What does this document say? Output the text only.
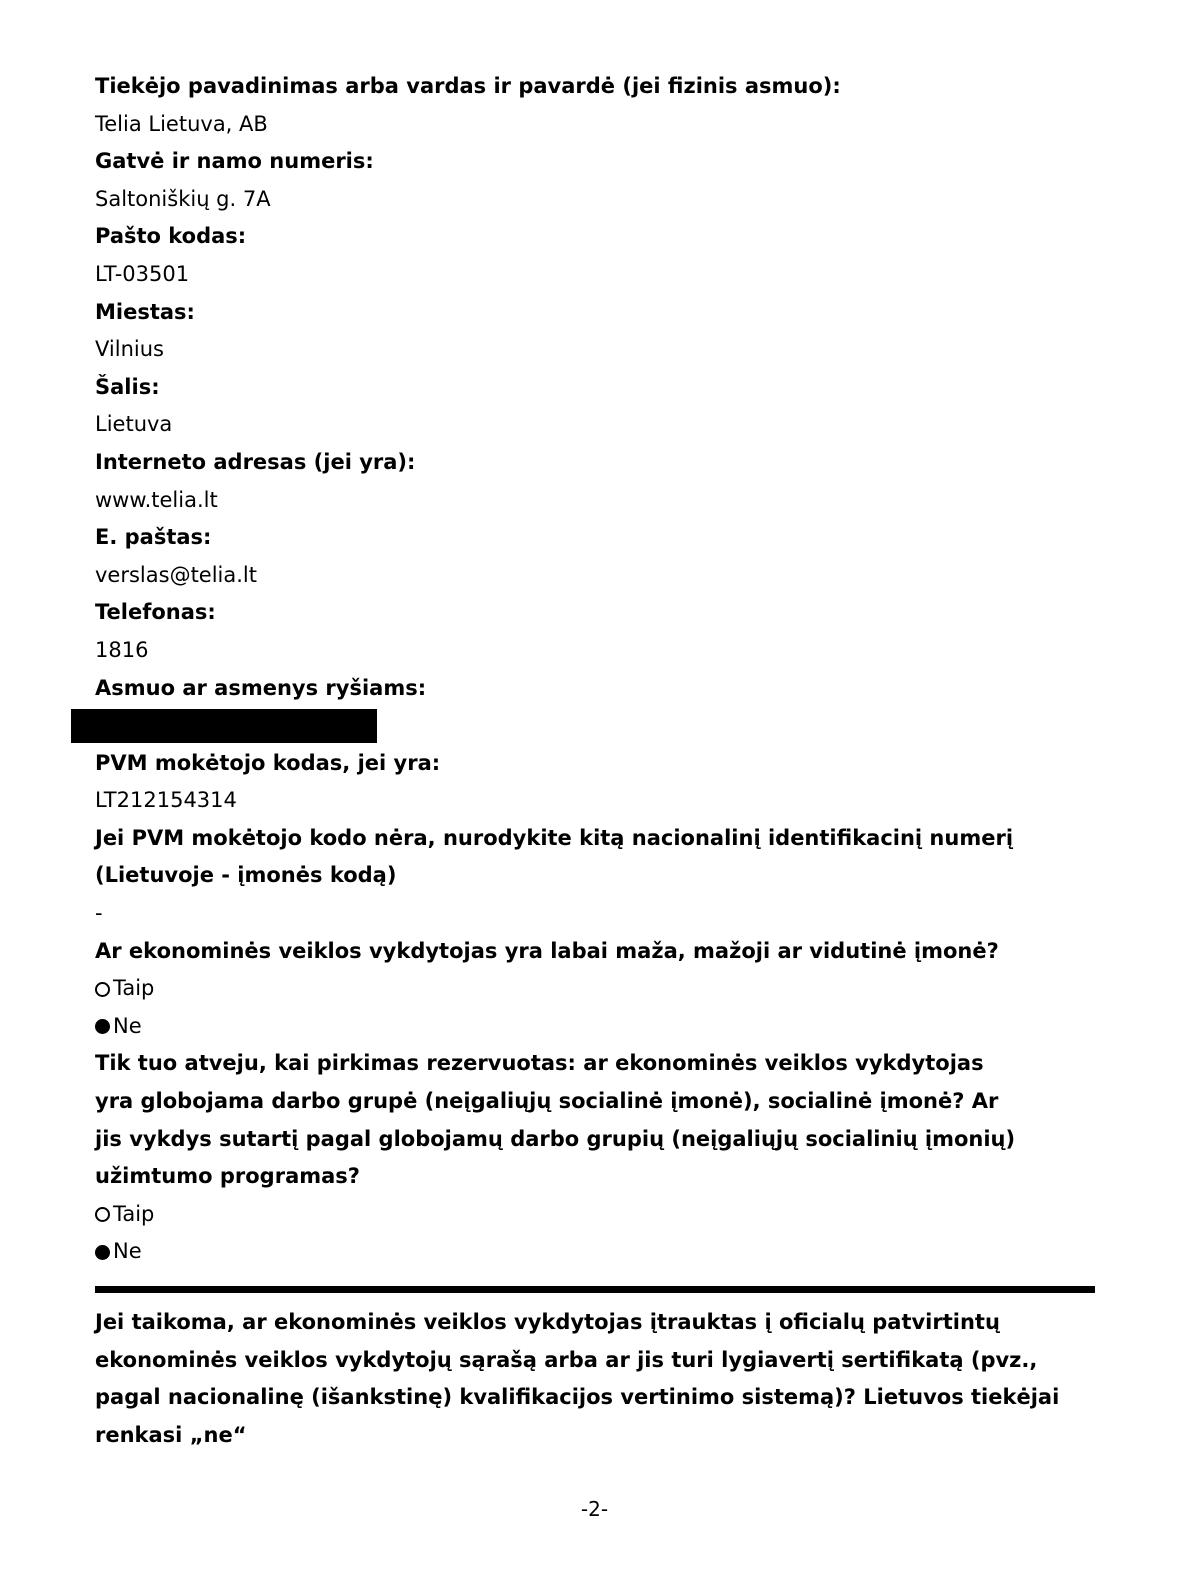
Tiekėjo pavadinimas arba vardas ir pavardė (jei fizinis asmuo):
Telia Lietuva, AB
Gatvė ir namo numeris:
Saltoniškių g. 7A
Pašto kodas:
LT-03501
Miestas:
Vilnius
Šalis:
Lietuva
Interneto adresas (jei yra):
www.telia.lt
E. paštas:
verslas@telia.lt
Telefonas:
1816
Asmuo ar asmenys ryšiams:
PVM mokėtojo kodas, jei yra:
LT212154314
Jei PVM mokėtojo kodo nėra, nurodykite kitą nacionalinį identifikacinį numerį (Lietuvoje - įmonės kodą)
-
Ar ekonominės veiklos vykdytojas yra labai maža, mažoji ar vidutinė įmonė?
Taip
Ne
Tik tuo atveju, kai pirkimas rezervuotas: ar ekonominės veiklos vykdytojas yra globojama darbo grupė (neįgaliųjų socialinė įmonė), socialinė įmonė? Ar jis vykdys sutartį pagal globojamų darbo grupių (neįgaliųjų socialinių įmonių) užimtumo programas?
Taip
Ne
Jei taikoma, ar ekonominės veiklos vykdytojas įtrauktas į oficialų patvirtintų ekonominės veiklos vykdytojų sąrašą arba ar jis turi lygiavertį sertifikatą (pvz., pagal nacionalinę (išankstinę) kvalifikacijos vertinimo sistemą)? Lietuvos tiekėjai renkasi „ne“
-2-
